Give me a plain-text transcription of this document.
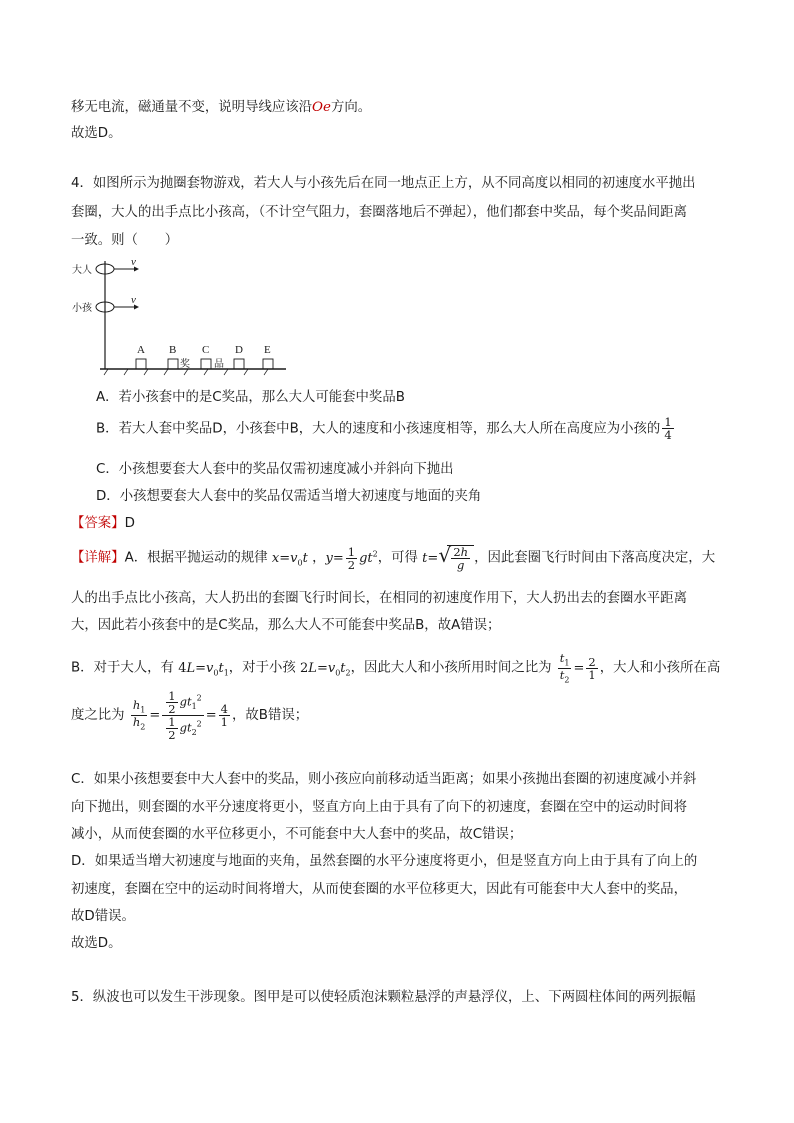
移无电流，磁通量不变，说明导线应该沿Oe方向。
故选D。
4．如图所示为抛圈套物游戏，若大人与小孩先后在同一地点正上方，从不同高度以相同的初速度水平抛出
套圈，大人的出手点比小孩高，（不计空气阻力，套圈落地后不弹起），他们都套中奖品，每个奖品间距离
一致。则（　　）
大人
v
小孩
v
A B
奖
C
品
D E
A．若小孩套中的是C奖品，那么大人可能套中奖品B
B．若大人套中奖品D，小孩套中B，大人的速度和小孩速度相等，那么大人所在高度应为小孩的 $\frac{1}{4}$
C．小孩想要套大人套中的奖品仅需初速度减小并斜向下抛出
D．小孩想要套大人套中的奖品仅需适当增大初速度与地面的夹角
【答案】D
【详解】A．根据平抛运动的规律 $x=v_0t$ ，$y= \frac{1}{2} gt^2$，可得 t= √ $\frac{2h}{g}$ ，因此套圈飞行时间由下落高度决定，大
人的出手点比小孩高，大人扔出的套圈飞行时间长，在相同的初速度作用下，大人扔出去的套圈水平距离
大，因此若小孩套中的是C奖品，那么大人不可能套中奖品B，故A错误；
B．对于大人，有 $4L=v_0t_1$，对于小孩 $2L=v_0t_2$，因此大人和小孩所用时间之比为 $\frac{t_1}{t_2} = \frac{2}{1}$ ，大人和小孩所在高
度之比为 $\frac{h_1}{h_2} = \frac{\frac{1}{2} gt_1^2}{\frac{1}{2} gt_2^2} = \frac{4}{1}$ ，故B错误；
C．如果小孩想要套中大人套中的奖品，则小孩应向前移动适当距离；如果小孩抛出套圈的初速度减小并斜
向下抛出，则套圈的水平分速度将更小，竖直方向上由于具有了向下的初速度，套圈在空中的运动时间将
减小，从而使套圈的水平位移更小，不可能套中大人套中的奖品，故C错误；
D．如果适当增大初速度与地面的夹角，虽然套圈的水平分速度将更小，但是竖直方向上由于具有了向上的
初速度，套圈在空中的运动时间将增大，从而使套圈的水平位移更大，因此有可能套中大人套中的奖品，
故D错误。
故选D。
5．纵波也可以发生干涉现象。图甲是可以使轻质泡沫颗粒悬浮的声悬浮仪，上、下两圆柱体间的两列振幅
